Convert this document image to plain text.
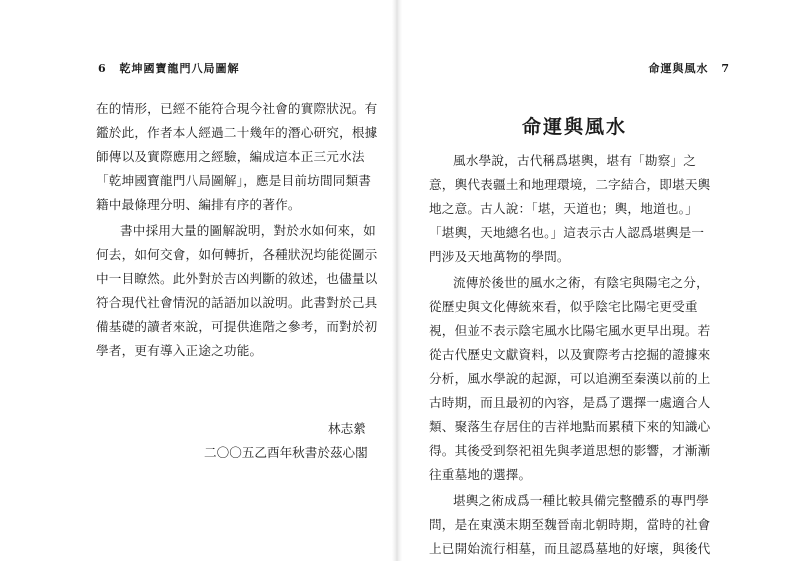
6 乾坤國寶龍門八局圖解
在的情形，已經不能符合現今社會的實際狀況。有
鑑於此，作者本人經過二十幾年的潛心研究，根據
師傳以及實際應用之經驗，編成這本正三元水法
「乾坤國寶龍門八局圖解」，應是目前坊間同類書
籍中最條理分明、編排有序的著作。
書中採用大量的圖解說明，對於水如何來，如
何去，如何交會，如何轉折，各種狀況均能從圖示
中一目瞭然。此外對於吉凶判斷的敘述，也儘量以
符合現代社會情況的話語加以說明。此書對於己具
備基礎的讀者來說，可提供進階之參考，而對於初
學者，更有導入正途之功能。
林志縈
二〇〇五乙酉年秋書於茲心閣
命運與風水 7
命運與風水
風水學說，古代稱爲堪輿，堪有「勘察」之
意，輿代表疆土和地理環境，二字結合，即堪天輿
地之意。古人說：「堪，天道也；輿，地道也。」
「堪輿，天地總名也。」這表示古人認爲堪輿是一
門涉及天地萬物的學問。
流傳於後世的風水之術，有陰宅與陽宅之分，
從歷史與文化傳統來看，似乎陰宅比陽宅更受重
視，但並不表示陰宅風水比陽宅風水更早出現。若
從古代歷史文獻資料，以及實際考古挖掘的證據來
分析，風水學說的起源，可以追溯至秦漢以前的上
古時期，而且最初的內容，是爲了選擇一處適合人
類、聚落生存居住的吉祥地點而累積下來的知識心
得。其後受到祭祀祖先與孝道思想的影響，才漸漸
往重墓地的選擇。
堪輿之術成爲一種比較具備完整體系的專門學
問，是在東漢末期至魏晉南北朝時期，當時的社會
上已開始流行相墓，而且認爲墓地的好壞，與後代
